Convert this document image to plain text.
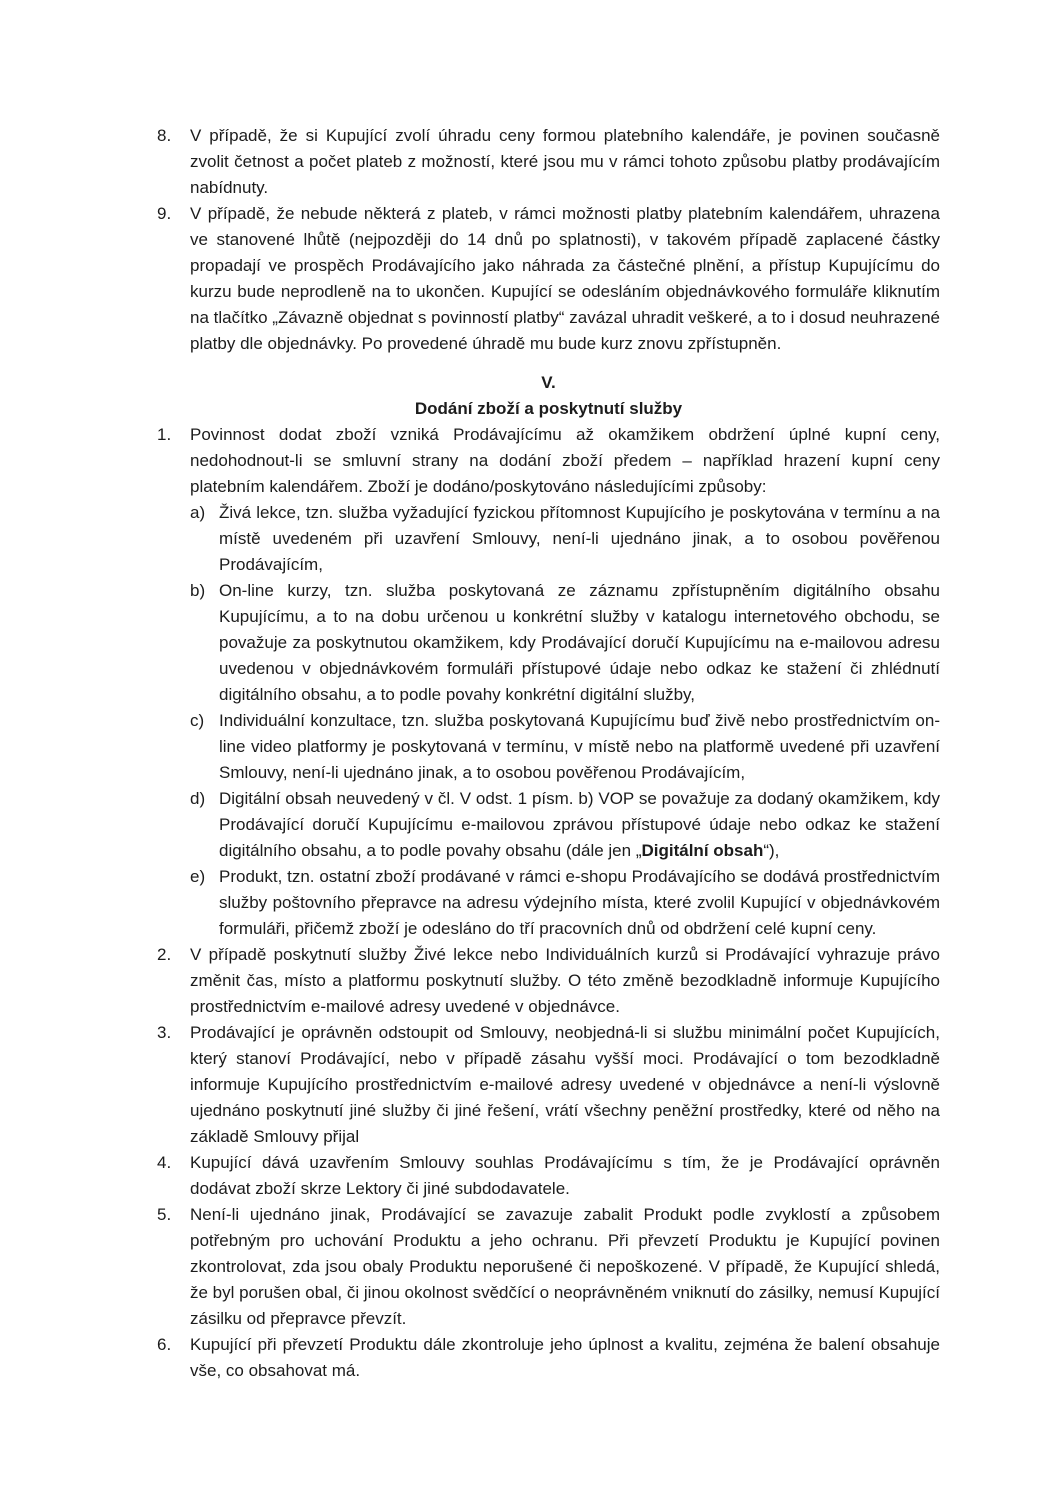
8.	V případě, že si Kupující zvolí úhradu ceny formou platebního kalendáře, je povinen současně zvolit četnost a počet plateb z možností, které jsou mu v rámci tohoto způsobu platby prodávajícím nabídnuty.
9.	V případě, že nebude některá z plateb, v rámci možnosti platby platebním kalendářem, uhrazena ve stanovené lhůtě (nejpozději do 14 dnů po splatnosti), v takovém případě zaplacené částky propadají ve prospěch Prodávajícího jako náhrada za částečné plnění, a přístup Kupujícímu do kurzu bude neprodleně na to ukončen. Kupující se odesláním objednávkového formuláře kliknutím na tlačítko „Závazně objednat s povinností platby“ zavázal uhradit veškeré, a to i dosud neuhrazené platby dle objednávky. Po provedené úhradě mu bude kurz znovu zpřístupněn.
V.
Dodání zboží a poskytnutí služby
1.	Povinnost dodat zboží vzniká Prodávajícímu až okamžikem obdržení úplné kupní ceny, nedohodnout-li se smluvní strany na dodání zboží předem – například hrazení kupní ceny platebním kalendářem. Zboží je dodáno/poskytováno následujícími způsoby:
a) Živá lekce, tzn. služba vyžadující fyzickou přítomnost Kupujícího je poskytována v termínu a na místě uvedeném při uzavření Smlouvy, není-li ujednáno jinak, a to osobou pověřenou Prodávajícím,
b) On-line kurzy, tzn. služba poskytovaná ze záznamu zpřístupněním digitálního obsahu Kupujícímu, a to na dobu určenou u konkrétní služby v katalogu internetového obchodu, se považuje za poskytnutou okamžikem, kdy Prodávající doručí Kupujícímu na e-mailovou adresu uvedenou v objednávkovém formuláři přístupové údaje nebo odkaz ke stažení či zhlédnutí digitálního obsahu, a to podle povahy konkrétní digitální služby,
c) Individuální konzultace, tzn. služba poskytovaná Kupujícímu buď živě nebo prostřednictvím on-line video platformy je poskytovaná v termínu, v místě nebo na platformě uvedené při uzavření Smlouvy, není-li ujednáno jinak, a to osobou pověřenou Prodávajícím,
d) Digitální obsah neuvedený v čl. V odst. 1 písm. b) VOP se považuje za dodaný okamžikem, kdy Prodávající doručí Kupujícímu e-mailovou zprávou přístupové údaje nebo odkaz ke stažení digitálního obsahu, a to podle povahy obsahu (dále jen „Digitální obsah“),
e) Produkt, tzn. ostatní zboží prodávané v rámci e-shopu Prodávajícího se dodává prostřednictvím služby poštovního přepravce na adresu výdejního místa, které zvolil Kupující v objednávkovém formuláři, přičemž zboží je odesláno do tří pracovních dnů od obdržení celé kupní ceny.
2.	V případě poskytnutí služby Živé lekce nebo Individuálních kurzů si Prodávající vyhrazuje právo změnit čas, místo a platformu poskytnutí služby. O této změně bezodkladně informuje Kupujícího prostřednictvím e-mailové adresy uvedené v objednávce.
3.	Prodávající je oprávněn odstoupit od Smlouvy, neobjedná-li si službu minimální počet Kupujících, který stanoví Prodávající, nebo v případě zásahu vyšší moci. Prodávající o tom bezodkladně informuje Kupujícího prostřednictvím e-mailové adresy uvedené v objednávce a není-li výslovně ujednáno poskytnutí jiné služby či jiné řešení, vrátí všechny peněžní prostředky, které od něho na základě Smlouvy přijal
4.	Kupující dává uzavřením Smlouvy souhlas Prodávajícímu s tím, že je Prodávající oprávněn dodávat zboží skrze Lektory či jiné subdodavatele.
5.	Není-li ujednáno jinak, Prodávající se zavazuje zabalit Produkt podle zvyklostí a způsobem potřebným pro uchování Produktu a jeho ochranu. Při převzetí Produktu je Kupující povinen zkontrolovat, zda jsou obaly Produktu neporušené či nepoškozené. V případě, že Kupující shledá, že byl porušen obal, či jinou okolnost svědčící o neoprávněném vniknutí do zásilky, nemusí Kupující zásilku od přepravce převzít.
6.	Kupující při převzetí Produktu dále zkontroluje jeho úplnost a kvalitu, zejména že balení obsahuje vše, co obsahovat má.
